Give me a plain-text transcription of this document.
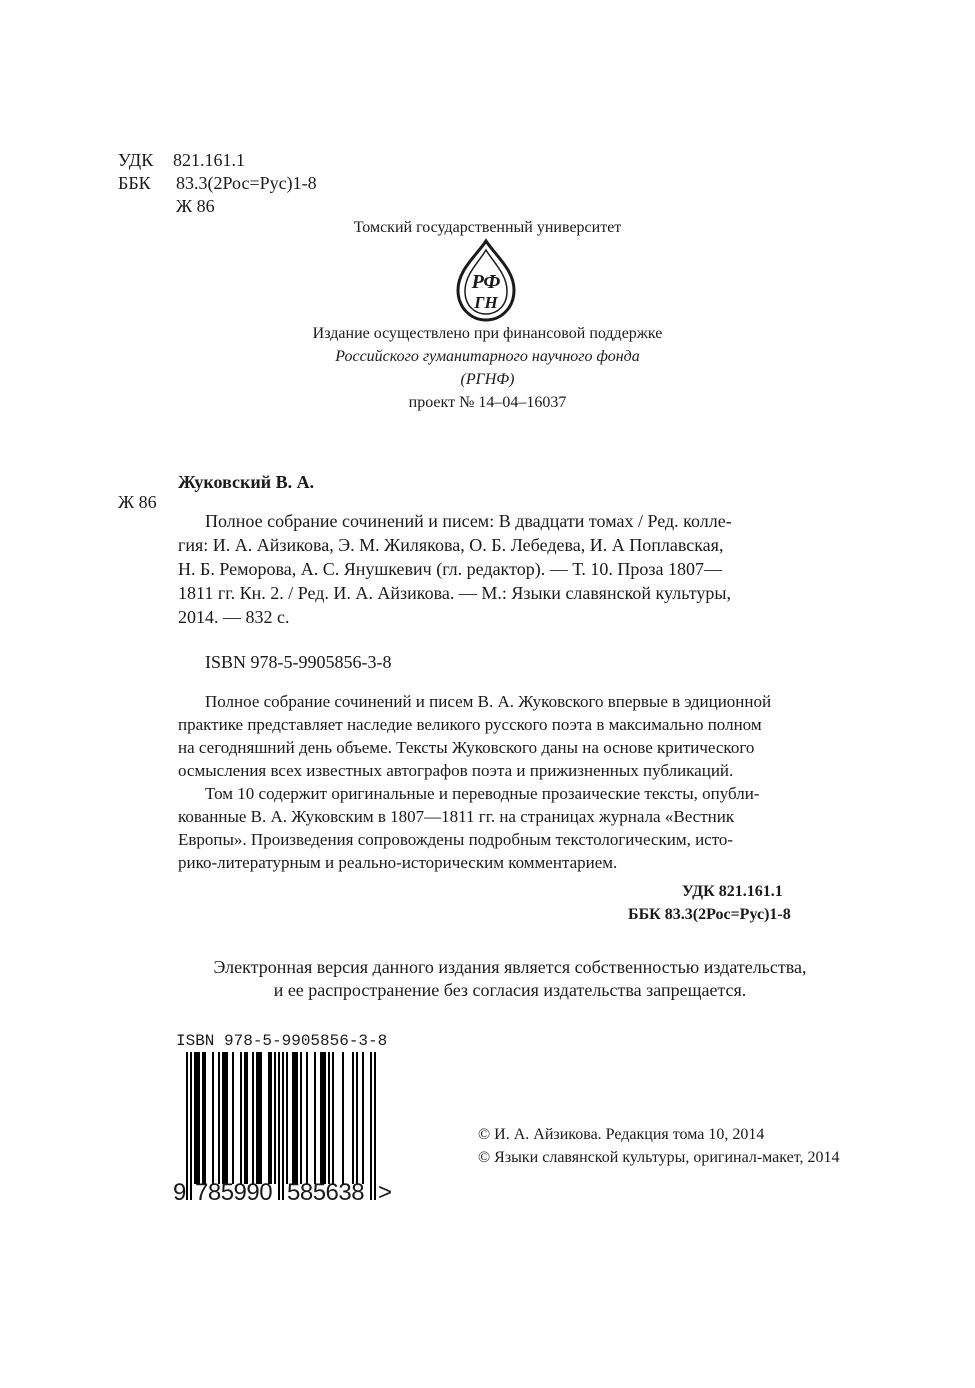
УДК 821.161.1
ББК	83.3(2Рос=Рус)1-8
Ж 86
Томский государственный университет
РФ
ГН
Издание осуществлено при финансовой поддержке
Российского гуманитарного научного фонда
(РГНФ)
проект № 14–04–16037
Ж 86
Жуковский В. А.
Полное собрание сочинений и писем: В двадцати томах / Ред. колле-
гия: И. А. Айзикова, Э. М. Жилякова, О. Б. Лебедева, И. А Поплавская,
Н. Б. Реморова, А. С. Янушкевич (гл. редактор). — Т. 10. Проза 1807—
1811 гг. Кн. 2. / Ред. И. А. Айзикова. — М.: Языки славянской культуры,
2014. — 832 с.
ISBN 978-5-9905856-3-8
Полное собрание сочинений и писем В. А. Жуковского впервые в эдиционной
практике представляет наследие великого русского поэта в максимально полном
на сегодняшний день объеме. Тексты Жуковского даны на основе критического
осмысления всех известных автографов поэта и прижизненных публикаций.
Том 10 содержит оригинальные и переводные прозаические тексты, опубли-
кованные В. А. Жуковским в 1807—1811 гг. на страницах журнала «Вестник
Европы». Произведения сопровождены подробным текстологическим, исто-
рико-литературным и реально-историческим комментарием.
УДК 821.161.1
ББК 83.3(2Рос=Рус)1-8
Электронная версия данного издания является собственностью издательства,
и ее распространение без согласия издательства запрещается.
ISBN 978-5-9905856-3-8
9 785990 585638 >
© И. А. Айзикова. Редакция тома 10, 2014
© Языки славянской культуры, оригинал-макет, 2014
